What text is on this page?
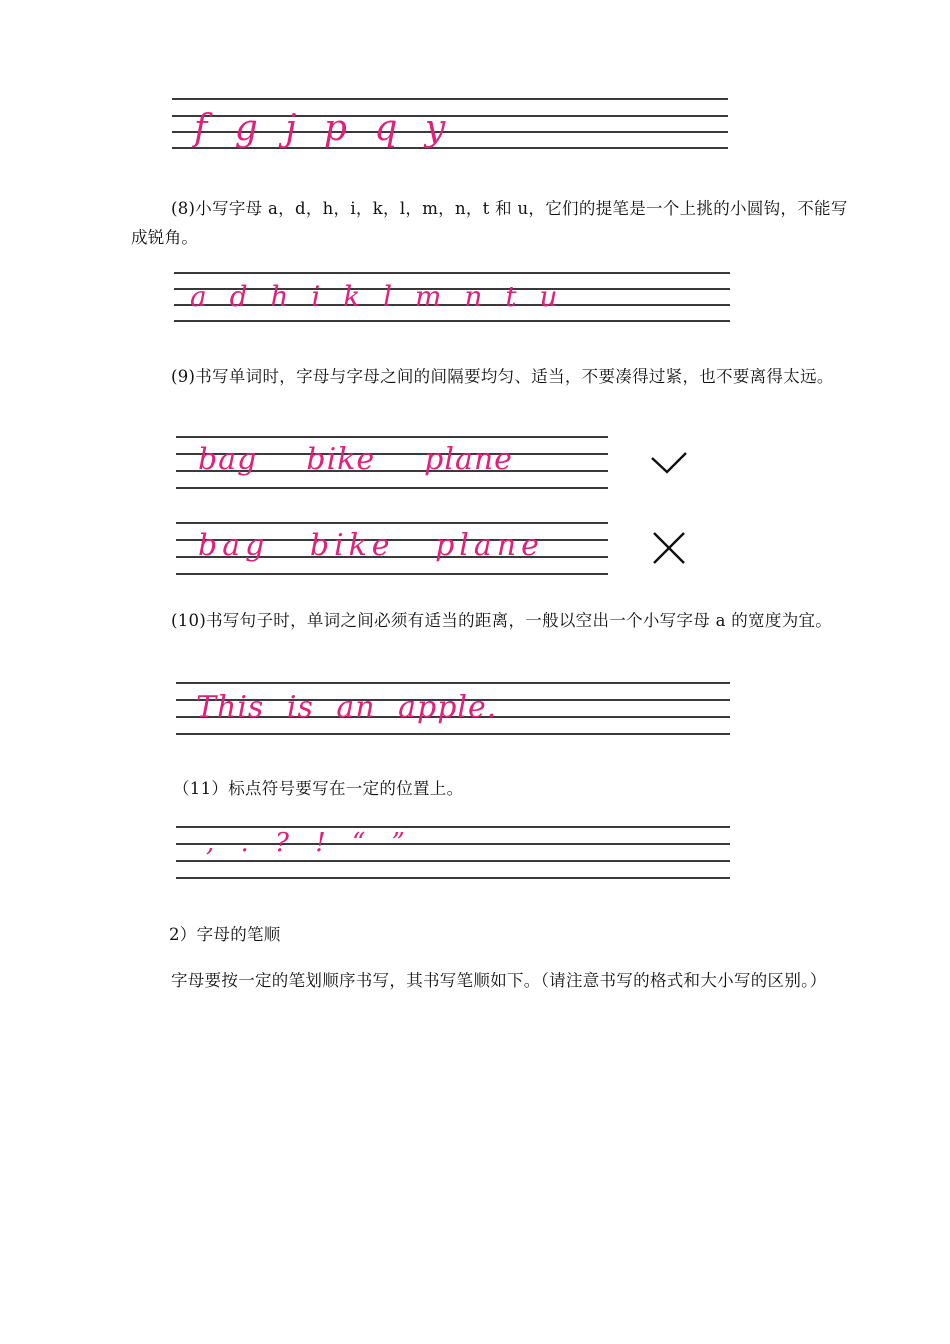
f g j p q y

(8)小写字母 a，d，h，i，k，l，m，n，t 和 u，它们的提笔是一个上挑的小圆钩，不能写成锐角。

a d h i k l m n t u

(9)书写单词时，字母与字母之间的间隔要均匀、适当，不要凑得过紧，也不要离得太远。

bag  bike  plane
bag bike plane

(10)书写句子时，单词之间必须有适当的距离，一般以空出一个小写字母 a 的宽度为宜。

This is an apple.

（11）标点符号要写在一定的位置上。

, . ? ! “ ”

2）字母的笔顺

字母要按一定的笔划顺序书写，其书写笔顺如下。（请注意书写的格式和大小写的区别。）
